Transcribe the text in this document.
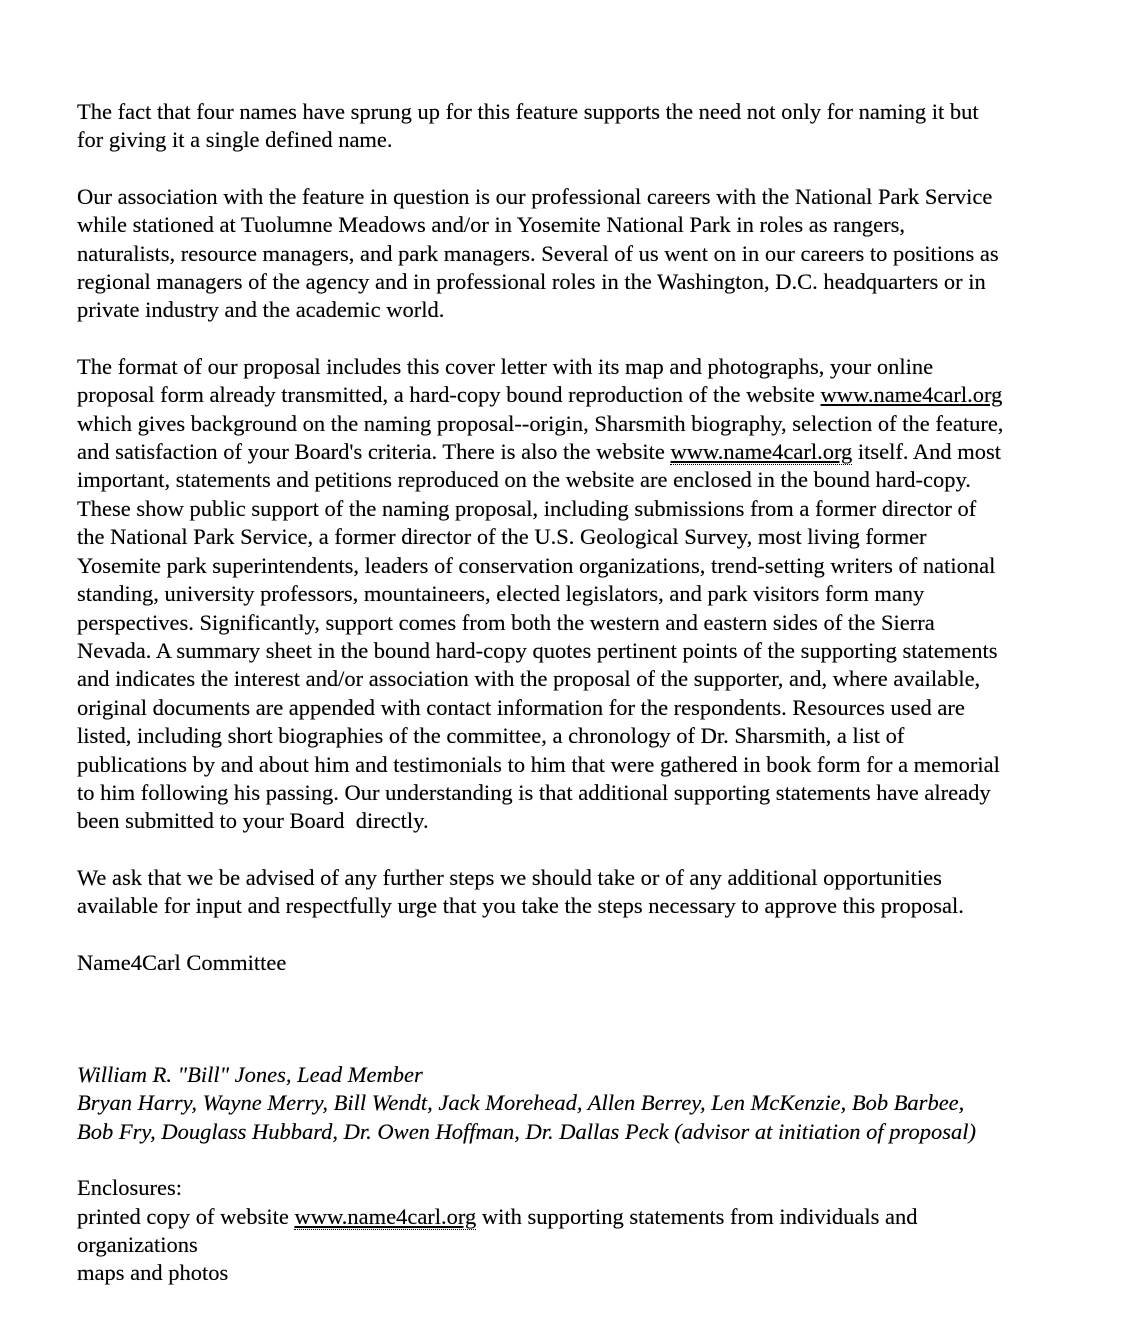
The fact that four names have sprung up for this feature supports the need not only for naming it but
for giving it a single defined name.
Our association with the feature in question is our professional careers with the National Park Service
while stationed at Tuolumne Meadows and/or in Yosemite National Park in roles as rangers,
naturalists, resource managers, and park managers. Several of us went on in our careers to positions as
regional managers of the agency and in professional roles in the Washington, D.C. headquarters or in
private industry and the academic world.
The format of our proposal includes this cover letter with its map and photographs, your online
proposal form already transmitted, a hard-copy bound reproduction of the website www.name4carl.org
which gives background on the naming proposal--origin, Sharsmith biography, selection of the feature,
and satisfaction of your Board's criteria. There is also the website www.name4carl.org itself. And most
important, statements and petitions reproduced on the website are enclosed in the bound hard-copy.
These show public support of the naming proposal, including submissions from a former director of
the National Park Service, a former director of the U.S. Geological Survey, most living former
Yosemite park superintendents, leaders of conservation organizations, trend-setting writers of national
standing, university professors, mountaineers, elected legislators, and park visitors form many
perspectives. Significantly, support comes from both the western and eastern sides of the Sierra
Nevada. A summary sheet in the bound hard-copy quotes pertinent points of the supporting statements
and indicates the interest and/or association with the proposal of the supporter, and, where available,
original documents are appended with contact information for the respondents. Resources used are
listed, including short biographies of the committee, a chronology of Dr. Sharsmith, a list of
publications by and about him and testimonials to him that were gathered in book form for a memorial
to him following his passing. Our understanding is that additional supporting statements have already
been submitted to your Board  directly.
We ask that we be advised of any further steps we should take or of any additional opportunities
available for input and respectfully urge that you take the steps necessary to approve this proposal.
Name4Carl Committee
William R. "Bill" Jones, Lead Member
Bryan Harry, Wayne Merry, Bill Wendt, Jack Morehead, Allen Berrey, Len McKenzie, Bob Barbee,
Bob Fry, Douglass Hubbard, Dr. Owen Hoffman, Dr. Dallas Peck (advisor at initiation of proposal)
Enclosures:
printed copy of website www.name4carl.org with supporting statements from individuals and
organizations
maps and photos
